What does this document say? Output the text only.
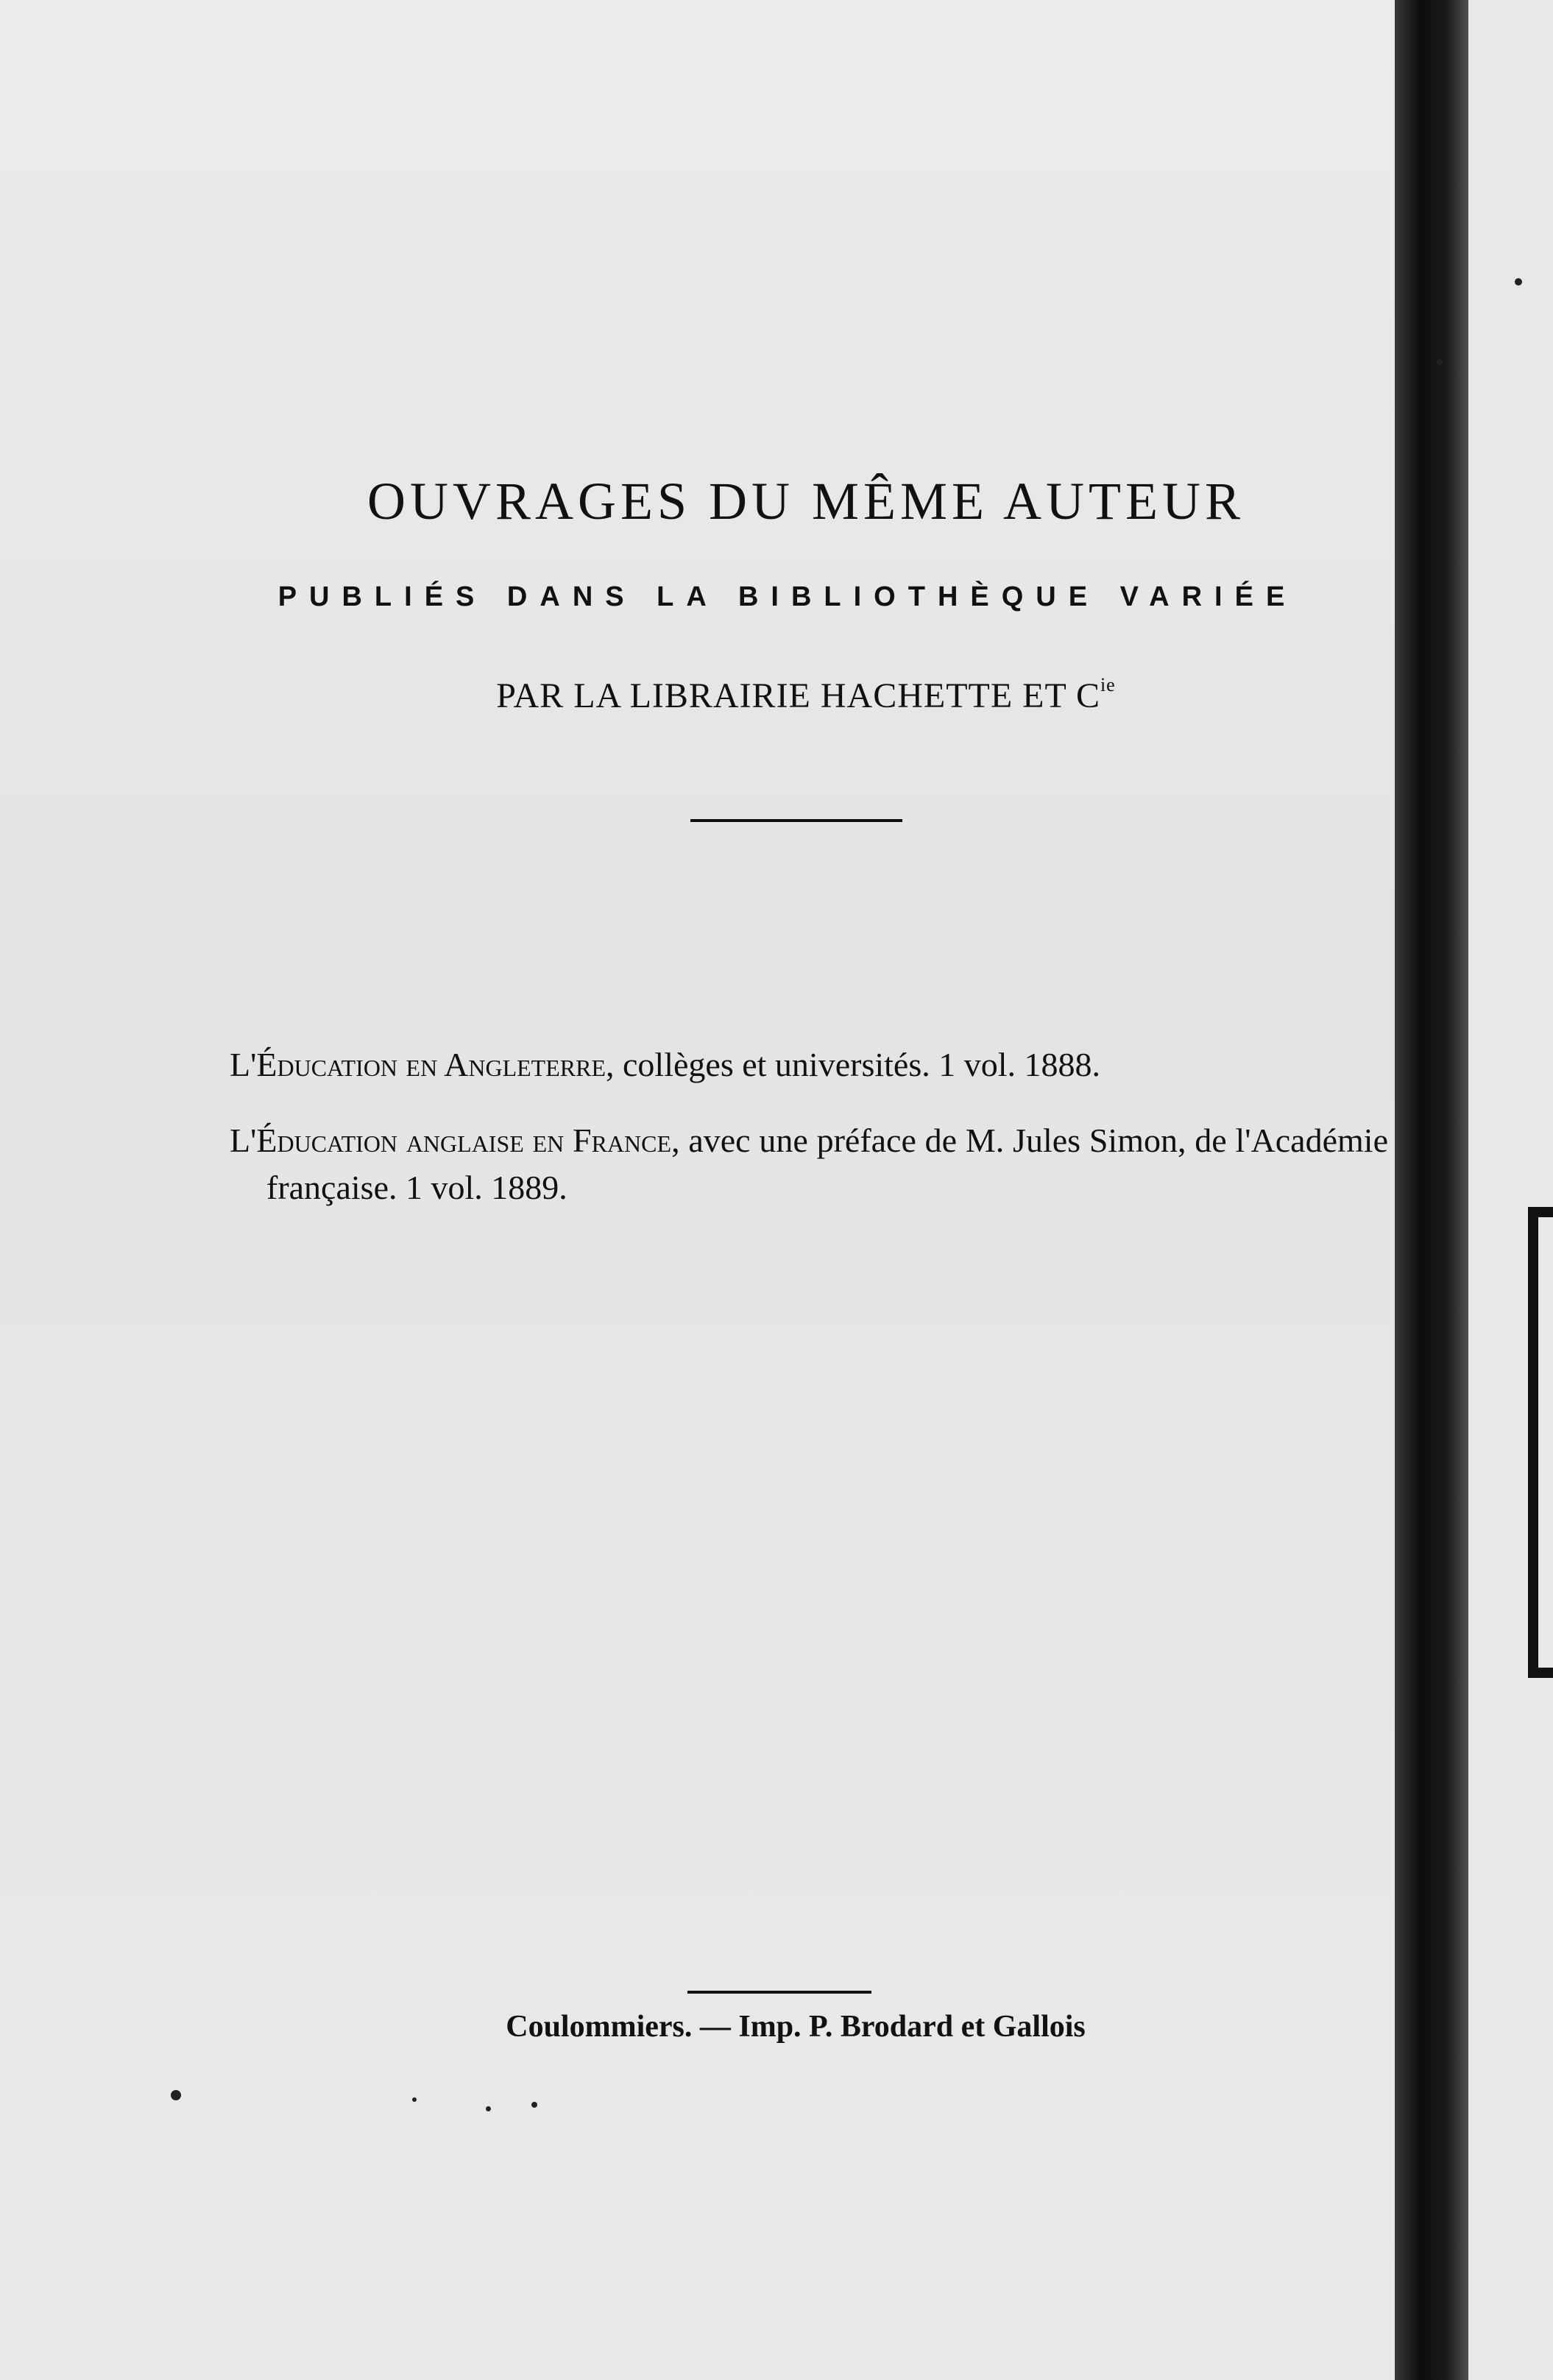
OUVRAGES DU MÊME AUTEUR
PUBLIÉS DANS LA BIBLIOTHÈQUE VARIÉE
PAR LA LIBRAIRIE HACHETTE ET $C^{ie}$
L'Éducation en Angleterre, collèges et universités. 1 vol. 1888.
L'Éducation anglaise en France, avec une préface de M. Jules Simon, de l'Académie française. 1 vol. 1889.
Coulommiers. — Imp. P. Brodard et Gallois
